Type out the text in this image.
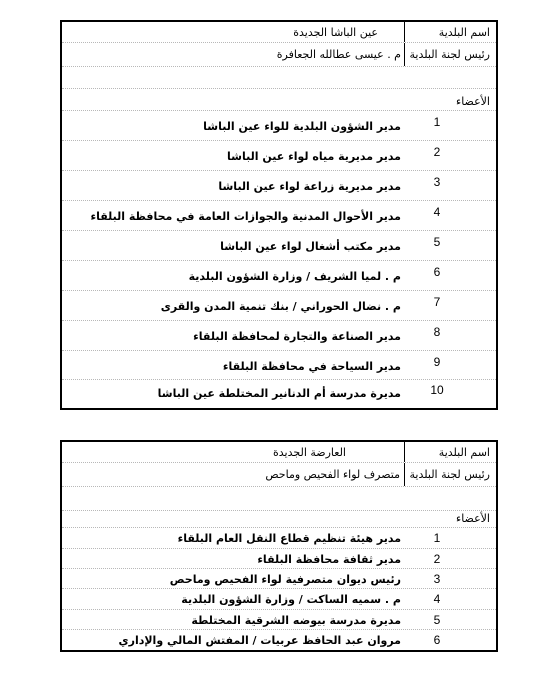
اسم البلدية
عين الباشا الجديدة
رئيس لجنة البلدية
م . عيسى عطالله الجعافرة
الأعضاء
1
مدير الشؤون البلدية للواء عين الباشا
2
مدير مديرية مياه لواء عين الباشا
3
مدير مديرية زراعة لواء عين الباشا
4
مدير الأحوال المدنية والجوازات العامة في محافظة البلقاء
5
مدير مكتب أشغال لواء عين الباشا
6
م . لميا الشريف / وزارة الشؤون البلدية
7
م . نضال الحوراني / بنك تنمية المدن والقرى
8
مدير الصناعة والتجارة لمحافظة البلقاء
9
مدير السياحة في محافظة البلقاء
10
مديرة مدرسة أم الدنانير المختلطة عين الباشا
اسم البلدية
العارضة الجديدة
رئيس لجنة البلدية
متصرف لواء الفحيص وماحص
الأعضاء
1
مدير هيئة تنظيم قطاع النقل العام البلقاء
2
مدير ثقافة محافظة البلقاء
3
رئيس ديوان متصرفية لواء الفحيص وماحص
4
م . سميه الساكت / وزارة الشؤون البلدية
5
مديرة مدرسة بيوضه الشرقية المختلطة
6
مروان عبد الحافظ عربيات / المفتش المالي والإداري
